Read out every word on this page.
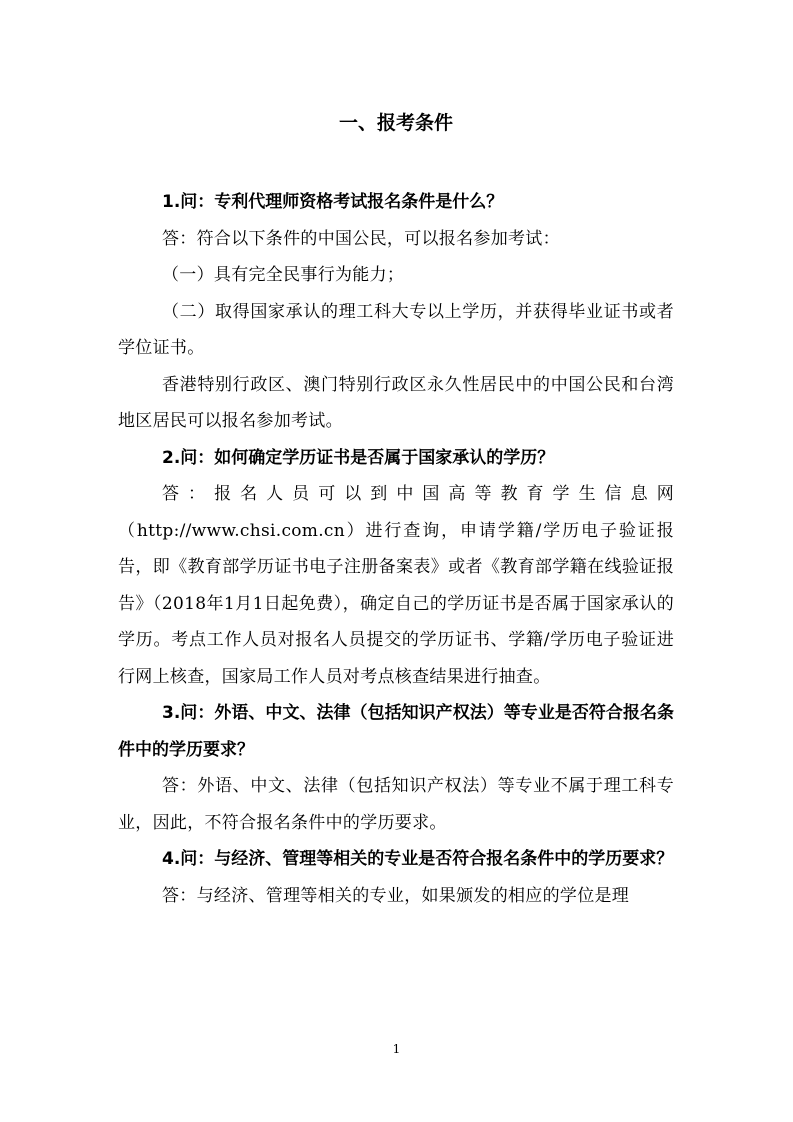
一、报考条件

1.问：专利代理师资格考试报名条件是什么？

答：符合以下条件的中国公民，可以报名参加考试：

（一）具有完全民事行为能力；

（二）取得国家承认的理工科大专以上学历，并获得毕业证书或者学位证书。

香港特别行政区、澳门特别行政区永久性居民中的中国公民和台湾地区居民可以报名参加考试。

2.问：如何确定学历证书是否属于国家承认的学历？

答：报名人员可以到中国高等教育学生信息网（http://www.chsi.com.cn）进行查询，申请学籍/学历电子验证报告，即《教育部学历证书电子注册备案表》或者《教育部学籍在线验证报告》（2018年1月1日起免费），确定自己的学历证书是否属于国家承认的学历。考点工作人员对报名人员提交的学历证书、学籍/学历电子验证进行网上核查，国家局工作人员对考点核查结果进行抽查。

3.问：外语、中文、法律（包括知识产权法）等专业是否符合报名条件中的学历要求？

答：外语、中文、法律（包括知识产权法）等专业不属于理工科专业，因此，不符合报名条件中的学历要求。

4.问：与经济、管理等相关的专业是否符合报名条件中的学历要求？

答：与经济、管理等相关的专业，如果颁发的相应的学位是理

1
